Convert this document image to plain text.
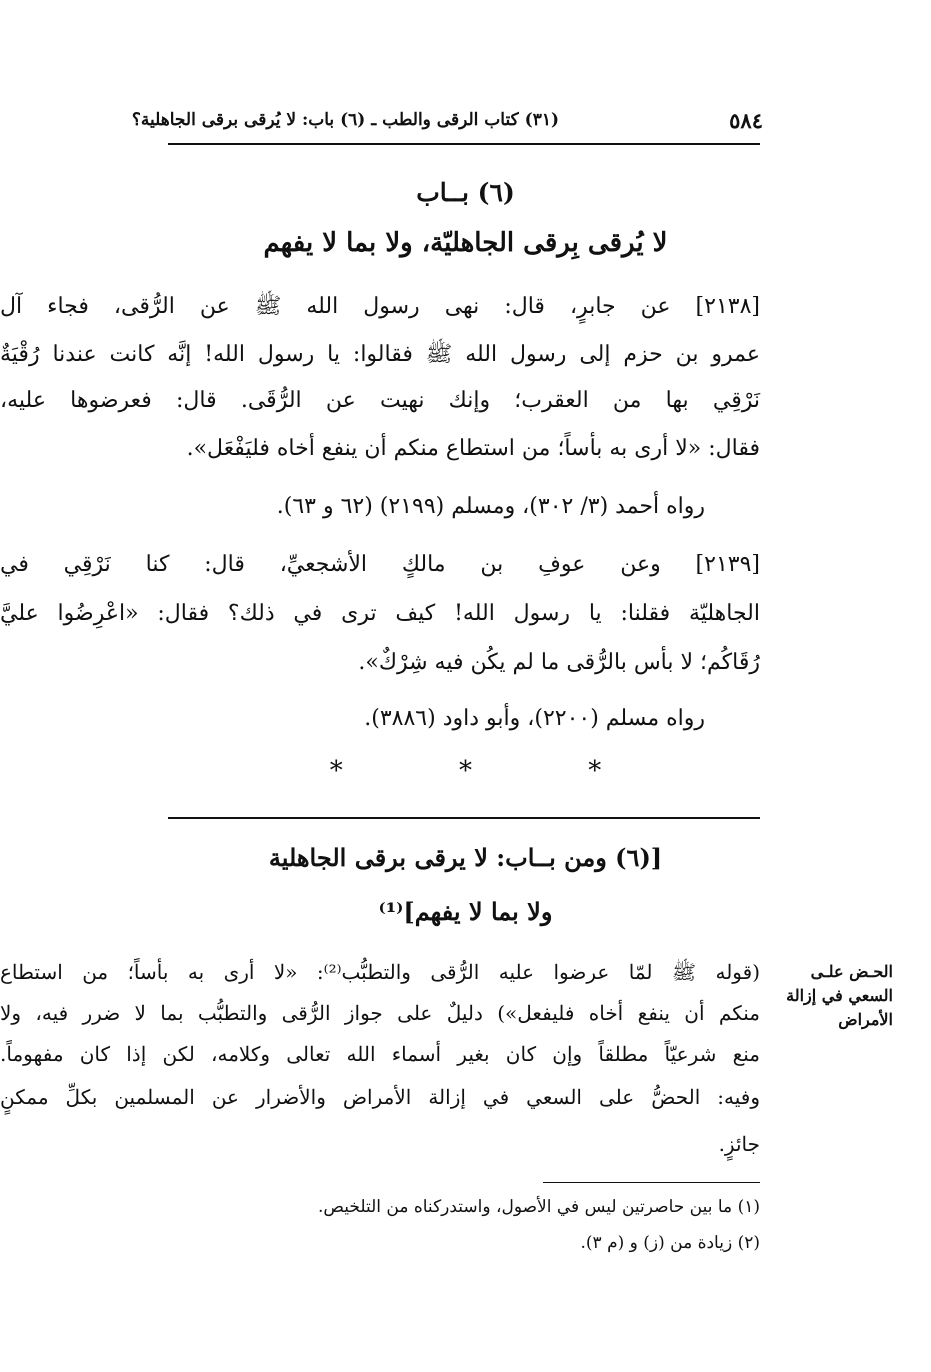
٥٨٤
(٣١) كتاب الرقى والطب ـ (٦) باب: لا يُرقى برقى الجاهلية؟
(٦) بــاب
لا يُرقى بِرقى الجاهليّة، ولا بما لا يفهم
[٢١٣٨] عن جابرٍ، قال: نهى رسول الله ﷺ عن الرُّقى، فجاء آل
عمرو بن حزم إلى رسول الله ﷺ فقالوا: يا رسول الله! إنَّه كانت عندنا رُقْيَةٌ
نَرْقِي بها من العقرب؛ وإنك نهيت عن الرُّقَى. قال: فعرضوها عليه،
فقال: «لا أرى به بأساً؛ من استطاع منكم أن ينفع أخاه فليَفْعَل».
رواه أحمد (٣/ ٣٠٢)، ومسلم (٢١٩٩) (٦٢ و ٦٣).
[٢١٣٩] وعن عوفِ بن مالكٍ الأشجعيِّ، قال: كنا نَرْقِي في
الجاهليّة فقلنا: يا رسول الله! كيف ترى في ذلك؟ فقال: «اعْرِضُوا عليَّ
رُقَاكُم؛ لا بأس بالرُّقى ما لم يكُن فيه شِرْكٌ».
رواه مسلم (٢٢٠٠)، وأبو داود (٣٨٨٦).
* * *
[(٦) ومن بــاب: لا يرقى برقى الجاهلية
ولا بما لا يفهم]⁽¹⁾
الحـض علـى السعي في إزالة الأمراض
(قوله ﷺ لمّا عرضوا عليه الرُّقى والتطبُّب⁽²⁾: «لا أرى به بأساً؛ من استطاع
منكم أن ينفع أخاه فليفعل») دليلٌ على جواز الرُّقى والتطبُّب بما لا ضرر فيه، ولا
منع شرعيّاً مطلقاً وإن كان بغير أسماء الله تعالى وكلامه، لكن إذا كان مفهوماً.
وفيه: الحضُّ على السعي في إزالة الأمراض والأضرار عن المسلمين بكلِّ ممكنٍ
جائزٍ.
(١) ما بين حاصرتين ليس في الأصول، واستدركناه من التلخيص.
(٢) زيادة من (ز) و (م ٣).
